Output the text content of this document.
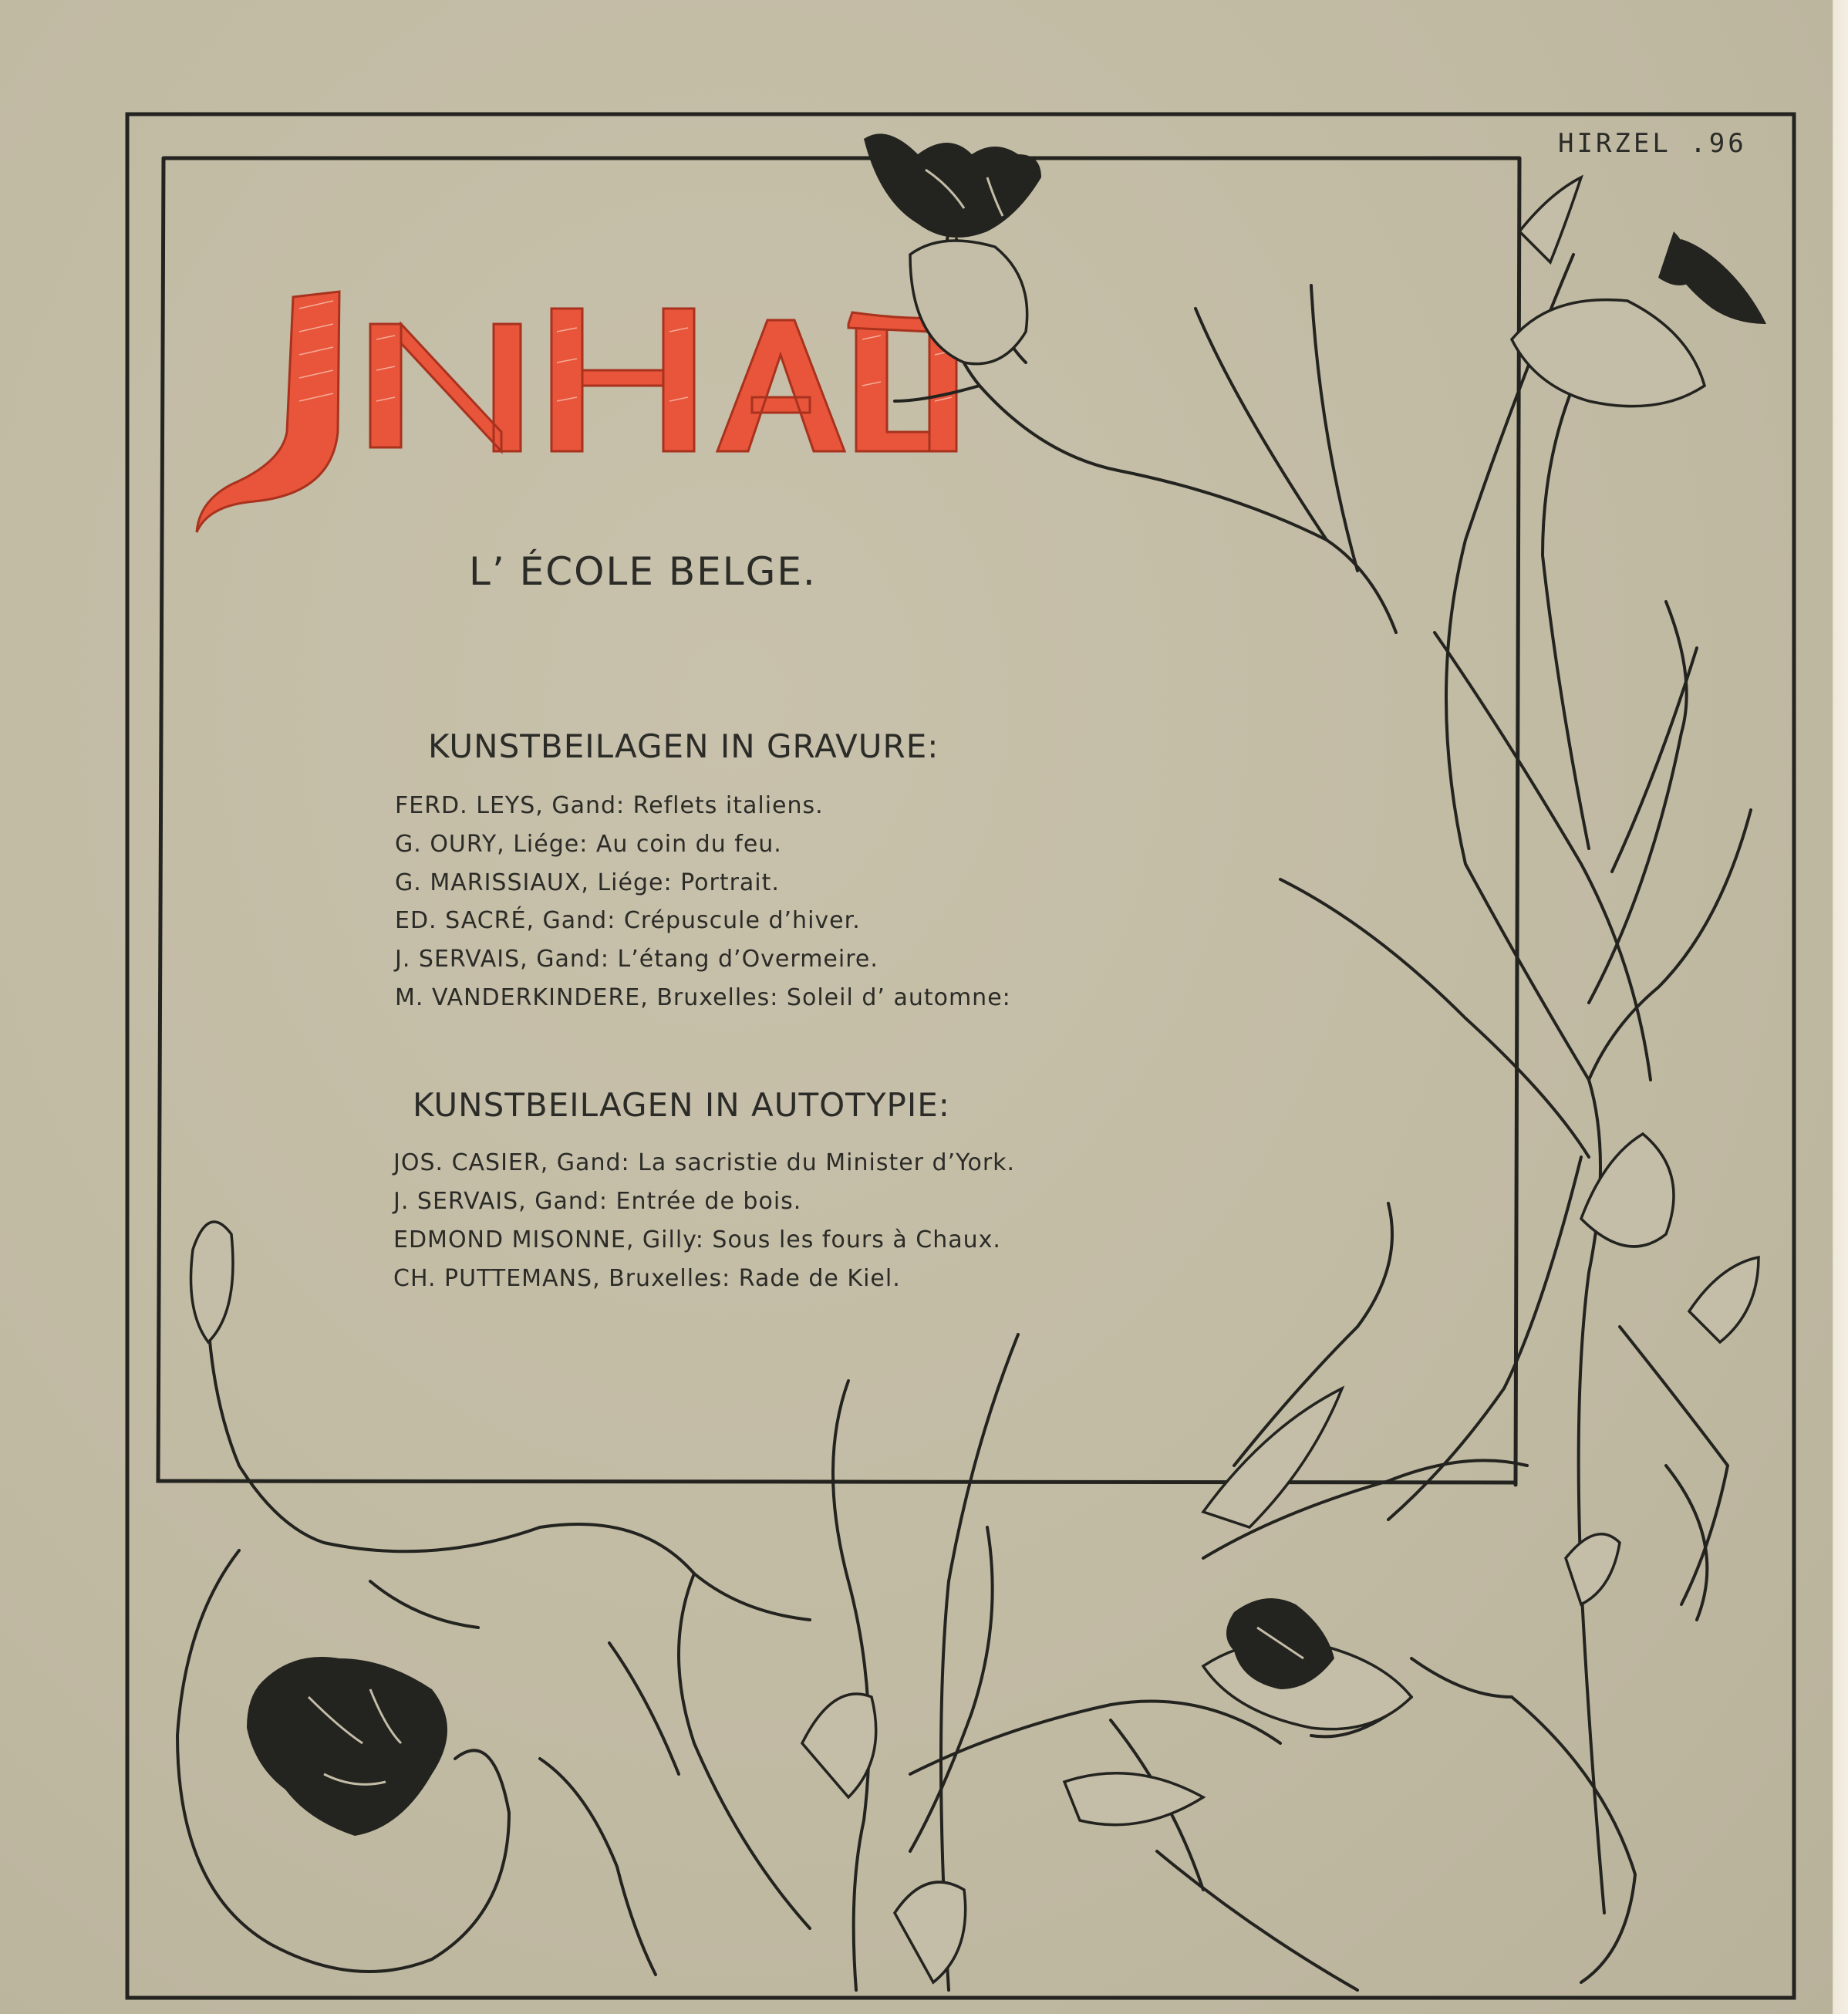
HIRZEL .96
L’ ÉCOLE BELGE.
KUNSTBEILAGEN IN GRAVURE:
FERD. LEYS, Gand: Reflets italiens.
G. OURY, Liége: Au coin du feu.
G. MARISSIAUX, Liége: Portrait.
ED. SACRÉ, Gand: Crépuscule d’hiver.
J. SERVAIS, Gand: L’étang d’Overmeire.
M. VANDERKINDERE, Bruxelles: Soleil d’ automne:
KUNSTBEILAGEN IN AUTOTYPIE:
JOS. CASIER, Gand: La sacristie du Minister d’York.
J. SERVAIS, Gand: Entrée de bois.
EDMOND MISONNE, Gilly: Sous les fours à Chaux.
CH. PUTTEMANS, Bruxelles: Rade de Kiel.
